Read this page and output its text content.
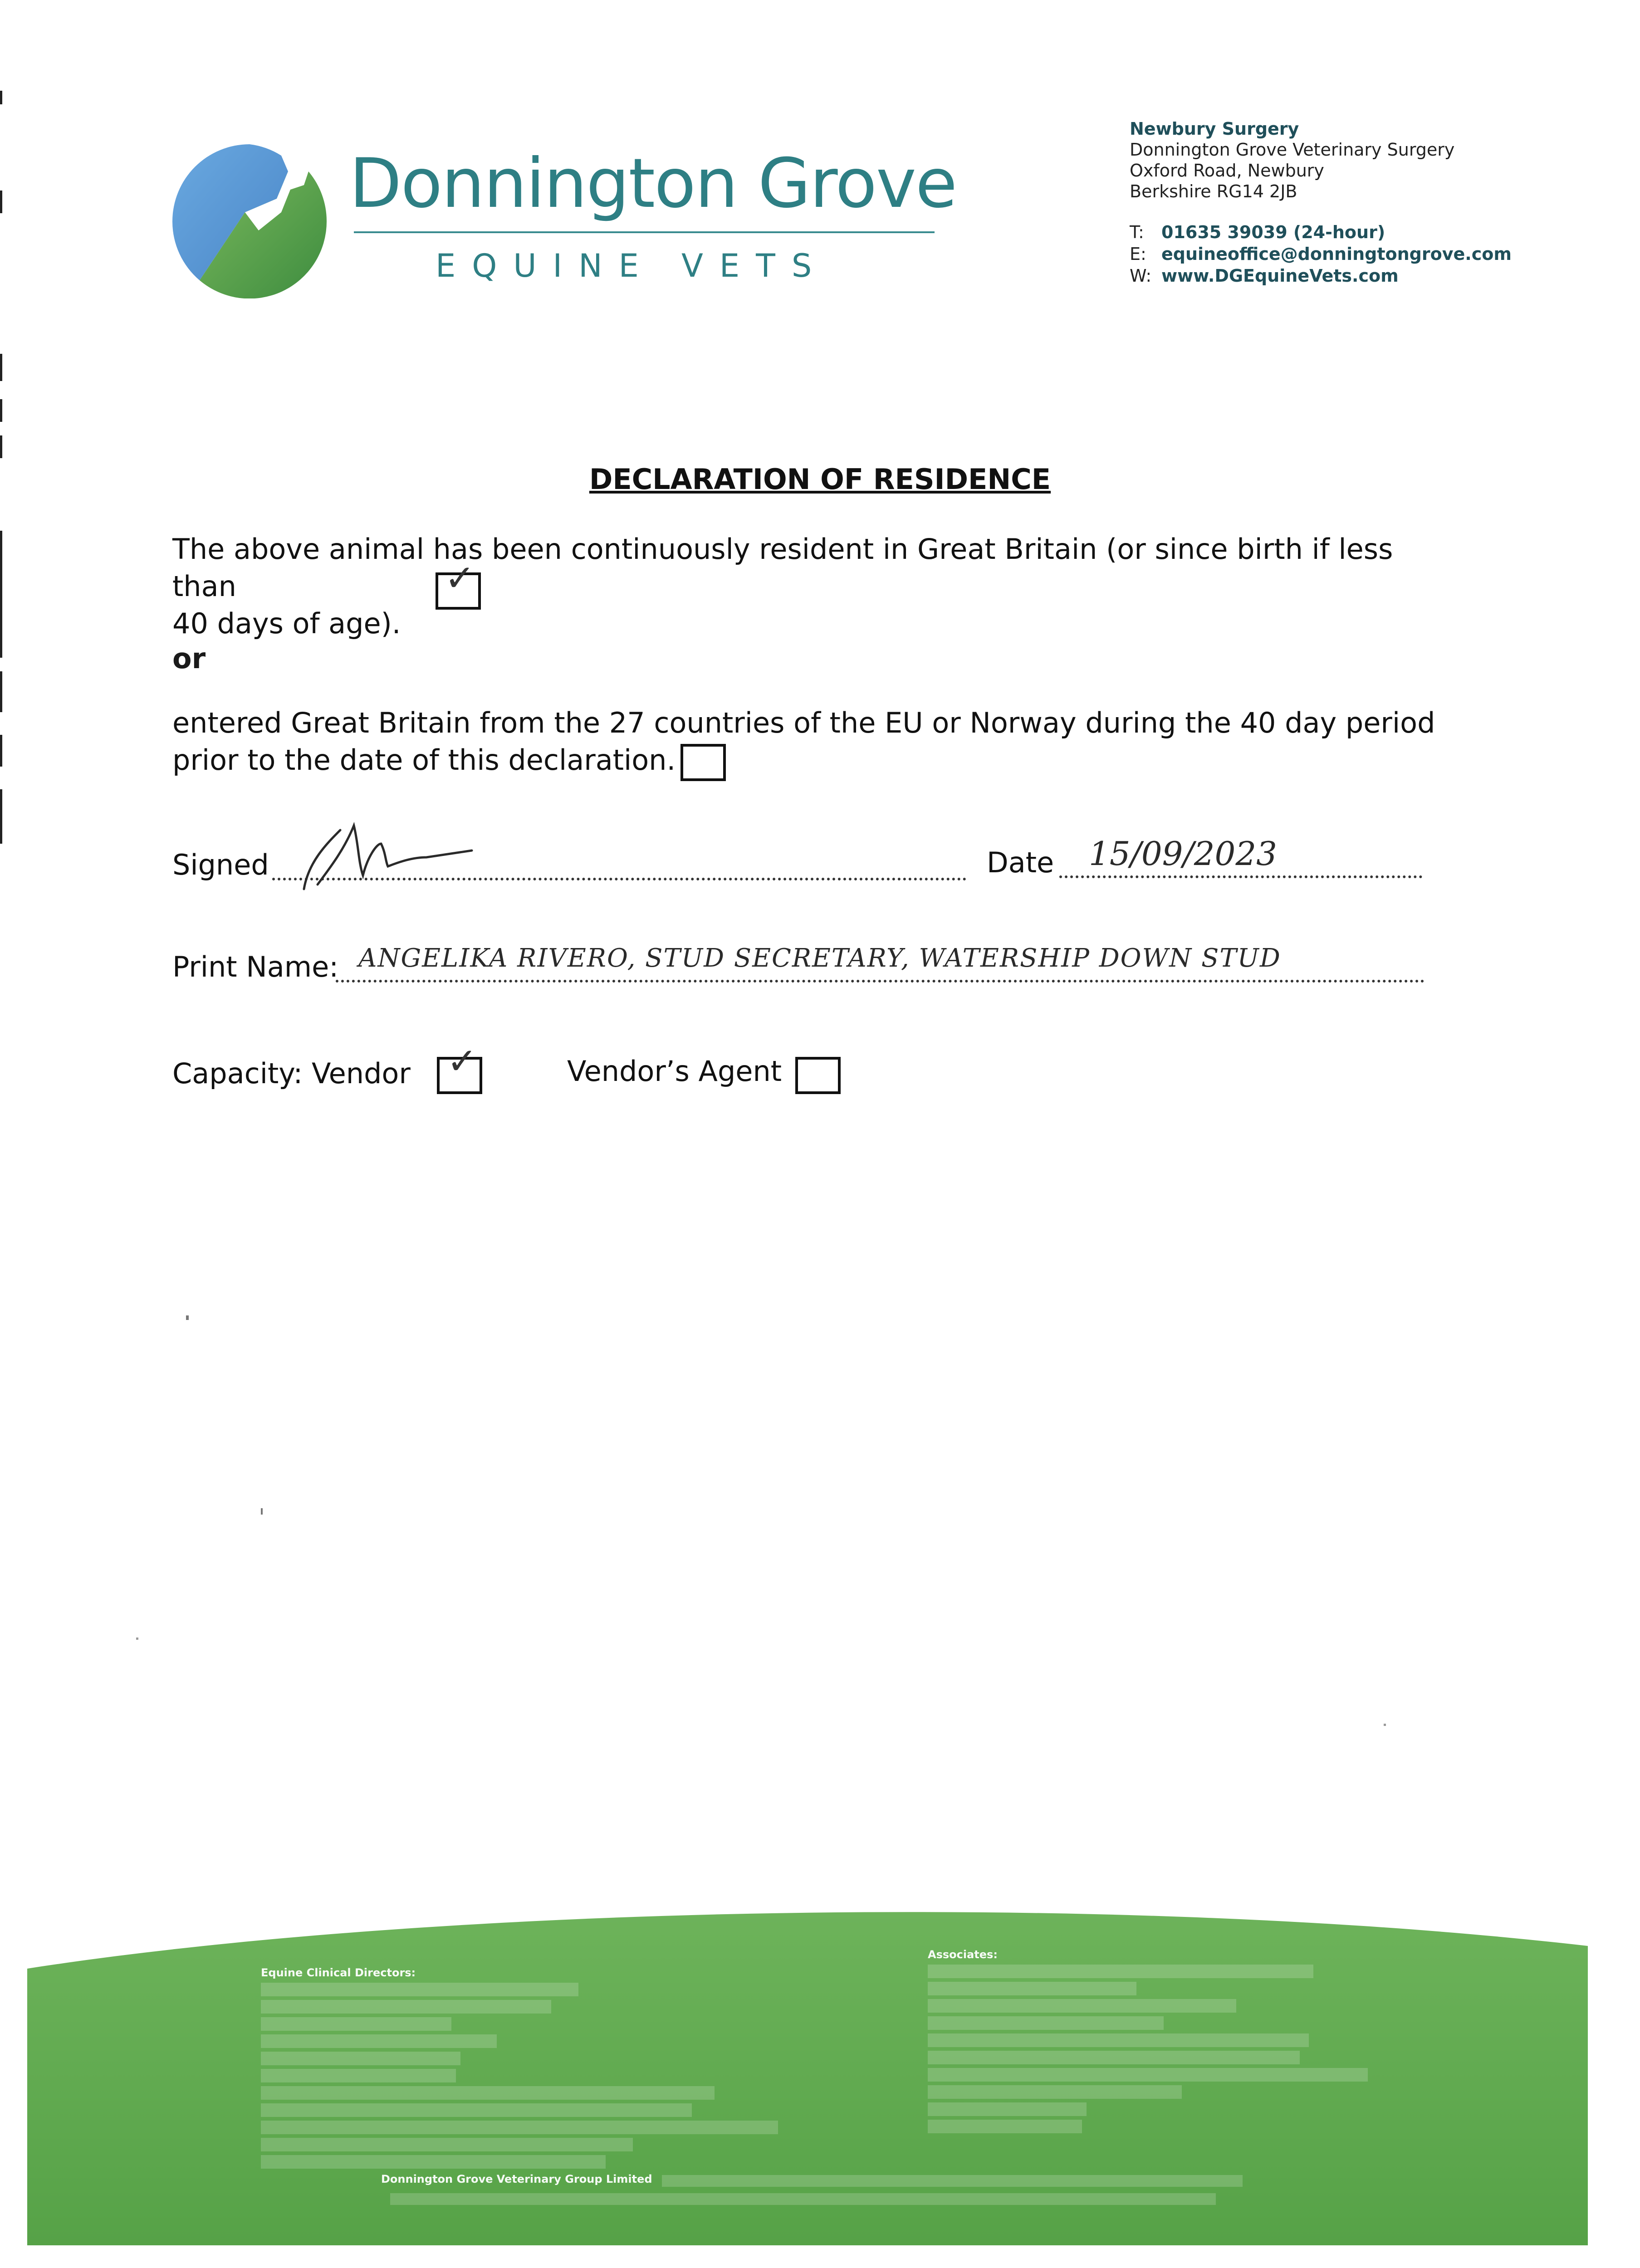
Donnington Grove
EQUINE VETS
Newbury Surgery
Donnington Grove Veterinary Surgery
Oxford Road, Newbury
Berkshire RG14 2JB
T: 01635 39039 (24-hour)
E: equineoffice@donningtongrove.com
W: www.DGEquineVets.com
DECLARATION OF RESIDENCE
The above animal has been continuously resident in Great Britain (or since birth if less than
40 days of age).
✓
or
entered Great Britain from the 27 countries of the EU or Norway during the 40 day period
prior to the date of this declaration.
Signed	Date 15/09/2023
Print Name: ANGELIKA RIVERO, STUD SECRETARY, WATERSHIP DOWN STUD
Capacity: Vendor ✓	Vendor’s Agent
Equine Clinical Directors:
Associates:
Donnington Grove Veterinary Group Limited
